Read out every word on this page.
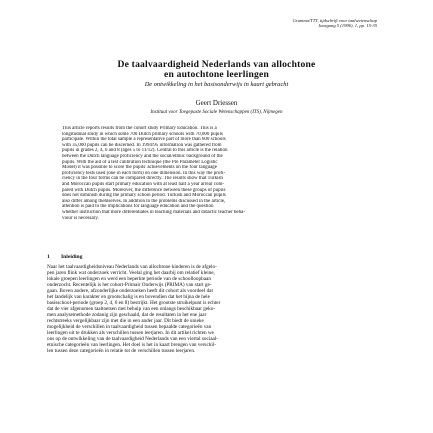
Gramma/TTT, tijdschrift voor taalwetenschap
Jaargang 5 (1996), 1, pp. 15-35
De taalvaardigheid Nederlands van allochtone
en autochtone leerlingen
De ontwikkeling in het basisonderwijs in kaart gebracht
Geert Driessen
Instituut voor Toegepaste Sociale Wetenschappen (ITS), Nijmegen
This article reports results from the cohort study Primary Education. This is a
longitudinal study in which some 700 Dutch primary schools with 70,000 pupils
participate. Within the total sample a representative part of more than 600 schools
with 35,000 pupils can be discerned. In 1994/95 information was gathered from
pupils in grades 2, 4, 6 and 8 (ages 5 to 11/12). Central to this article is the relation
between the Dutch language proficiency and the social/ethnic background of the
pupils. With the aid of a test calibration technique (the Pre Parameter Logistic
Model) it was possible to score the pupils' achievements on the four language
proficiency tests used (one in each form) on one dimension. In this way the profi-
ciency in the four forms can be compared directly. The results show that Turkish
and Moroccan pupils start primary education with at least half a year arrear com-
pared with Dutch pupils. Moreover, the difference between these groups of pupils
does not diminish during the primary school period. Turkish and Moroccan pupils
also differ among themselves. In addition to the problems discussed in the article,
attention is paid to the implications for language education and the question
whether instruction that more differentiates in teaching materials and didactic teacher beha-
viour is necessary.
1 Inleiding
Naar het taalvaardigheidsniveau Nederlands van allochtone kinderen is de afgelo-
pen jaren flink wat onderzoek verricht. Veelal ging het daarbij om relatief kleine,
lokale groepen leerlingen en werd een beperkte periode van de schoolloopbaan
onderzocht. Recentelijk is het cohort-Primair Onderwijs (PRIMA) van start ge-
gaan. Boven andere, afzonderlijke onderzoeken heeft dit cohort als voordeel dat
het landelijk van karakter en grootschalig is en bovendien dat het bijna de hele
basisschool-periode (groep 2, 4, 6 en 8) bestrijkt. Het grootste struikelpunt is echter
dat de vier afgenomen taaltoetsen met behulp van een onlangs beschikbaar geko-
men analysemethode zodanig zijn geschaald, dat de resultaten in het ene jaar
rechtstreeks vergelijkbaar zijn met die in een ander jaar. Dit biedt de unieke
mogelijkheid de verschillen in taalvaardigheid tussen bepaalde categorieën van
leerlingen uit te drukken als verschillen tussen leerjaren. In dit artikel richten we
ons op de ontwikkeling van de taalvaardigheid Nederlands van een viertal sociaal-
etnische categorieën van leerlingen. Het doel is het in kaart brengen van verschil-
len tussen deze categorieën in relatie tot de verschillen tussen leerjaren.
